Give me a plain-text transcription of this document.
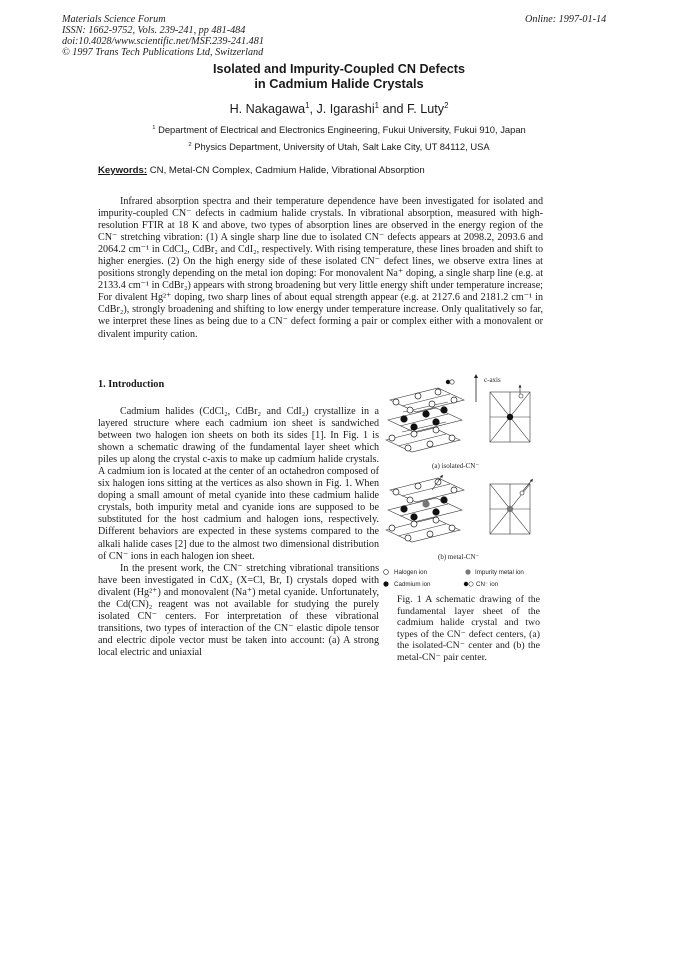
Materials Science Forum
ISSN: 1662-9752, Vols. 239-241, pp 481-484
doi:10.4028/www.scientific.net/MSF.239-241.481
© 1997 Trans Tech Publications Ltd, Switzerland
Online: 1997-01-14
Isolated and Impurity-Coupled CN Defects
in Cadmium Halide Crystals
H. Nakagawa$^1$, J. Igarashi$^1$ and F. Luty$^2$
$^1$ Department of Electrical and Electronics Engineering, Fukui University, Fukui 910, Japan
$^2$ Physics Department, University of Utah, Salt Lake City, UT 84112, USA
Keywords: CN, Metal-CN Complex, Cadmium Halide, Vibrational Absorption

Infrared absorption spectra and their temperature dependence have been investigated for isolated and impurity-coupled CN⁻ defects in cadmium halide crystals. In vibrational absorption, measured with high-resolution FTIR at 18 K and above, two types of absorption lines are observed in the energy region of the CN⁻ stretching vibration: (1) A single sharp line due to isolated CN⁻ defects appears at 2098.2, 2093.6 and 2064.2 cm⁻¹ in CdCl₂, CdBr₂ and CdI₂, respectively. With rising temperature, these lines broaden and shift to higher energies. (2) On the high energy side of these isolated CN⁻ defect lines, we observe extra lines at positions strongly depending on the metal ion doping: For monovalent Na⁺ doping, a single sharp line (e.g. at 2133.4 cm⁻¹ in CdBr₂) appears with strong broadening but very little energy shift under temperature increase; For divalent Hg²⁺ doping, two sharp lines of about equal strength appear (e.g. at 2127.6 and 2181.2 cm⁻¹ in CdBr₂), strongly broadening and shifting to low energy under temperature increase. Only qualitatively so far, we interpret these lines as being due to a CN⁻ defect forming a pair or complex either with a monovalent or divalent impurity cation.

1. Introduction

Cadmium halides (CdCl₂, CdBr₂ and CdI₂) crystallize in a layered structure where each cadmium ion sheet is sandwiched between two halogen ion sheets on both its sides [1]. In Fig. 1 is shown a schematic drawing of the fundamental layer sheet which piles up along the crystal c-axis to make up cadmium halide crystals. A cadmium ion is located at the center of an octahedron composed of six halogen ions sitting at the vertices as also shown in Fig. 1. When doping a small amount of metal cyanide into these cadmium halide crystals, both impurity metal and cyanide ions are supposed to be substituted for the host cadmium and halogen ions, respectively. Different behaviors are expected in these systems compared to the alkali halide cases [2] due to the almost two dimensional distribution of CN⁻ ions in each halogen ion sheet.

In the present work, the CN⁻ stretching vibrational transitions have been investigated in CdX₂ (X=Cl, Br, I) crystals doped with divalent (Hg²⁺) and monovalent (Na⁺) metal cyanide. Unfortunately, the Cd(CN)₂ reagent was not available for studying the purely isolated CN⁻ centers. For interpretation of these vibrational transitions, two types of interaction of the CN⁻ elastic dipole tensor and electric dipole vector must be taken into account: (a) A strong local electric and uniaxial

c-axis
(a) isolated-CN⁻
(b) metal-CN⁻
Halogen ion	Impurity metal ion
Cadmium ion	CN⁻ ion
Fig. 1 A schematic drawing of the fundamental layer sheet of the cadmium halide crystal and two types of the CN⁻ defect centers, (a) the isolated-CN⁻ center and (b) the metal-CN⁻ pair center.
